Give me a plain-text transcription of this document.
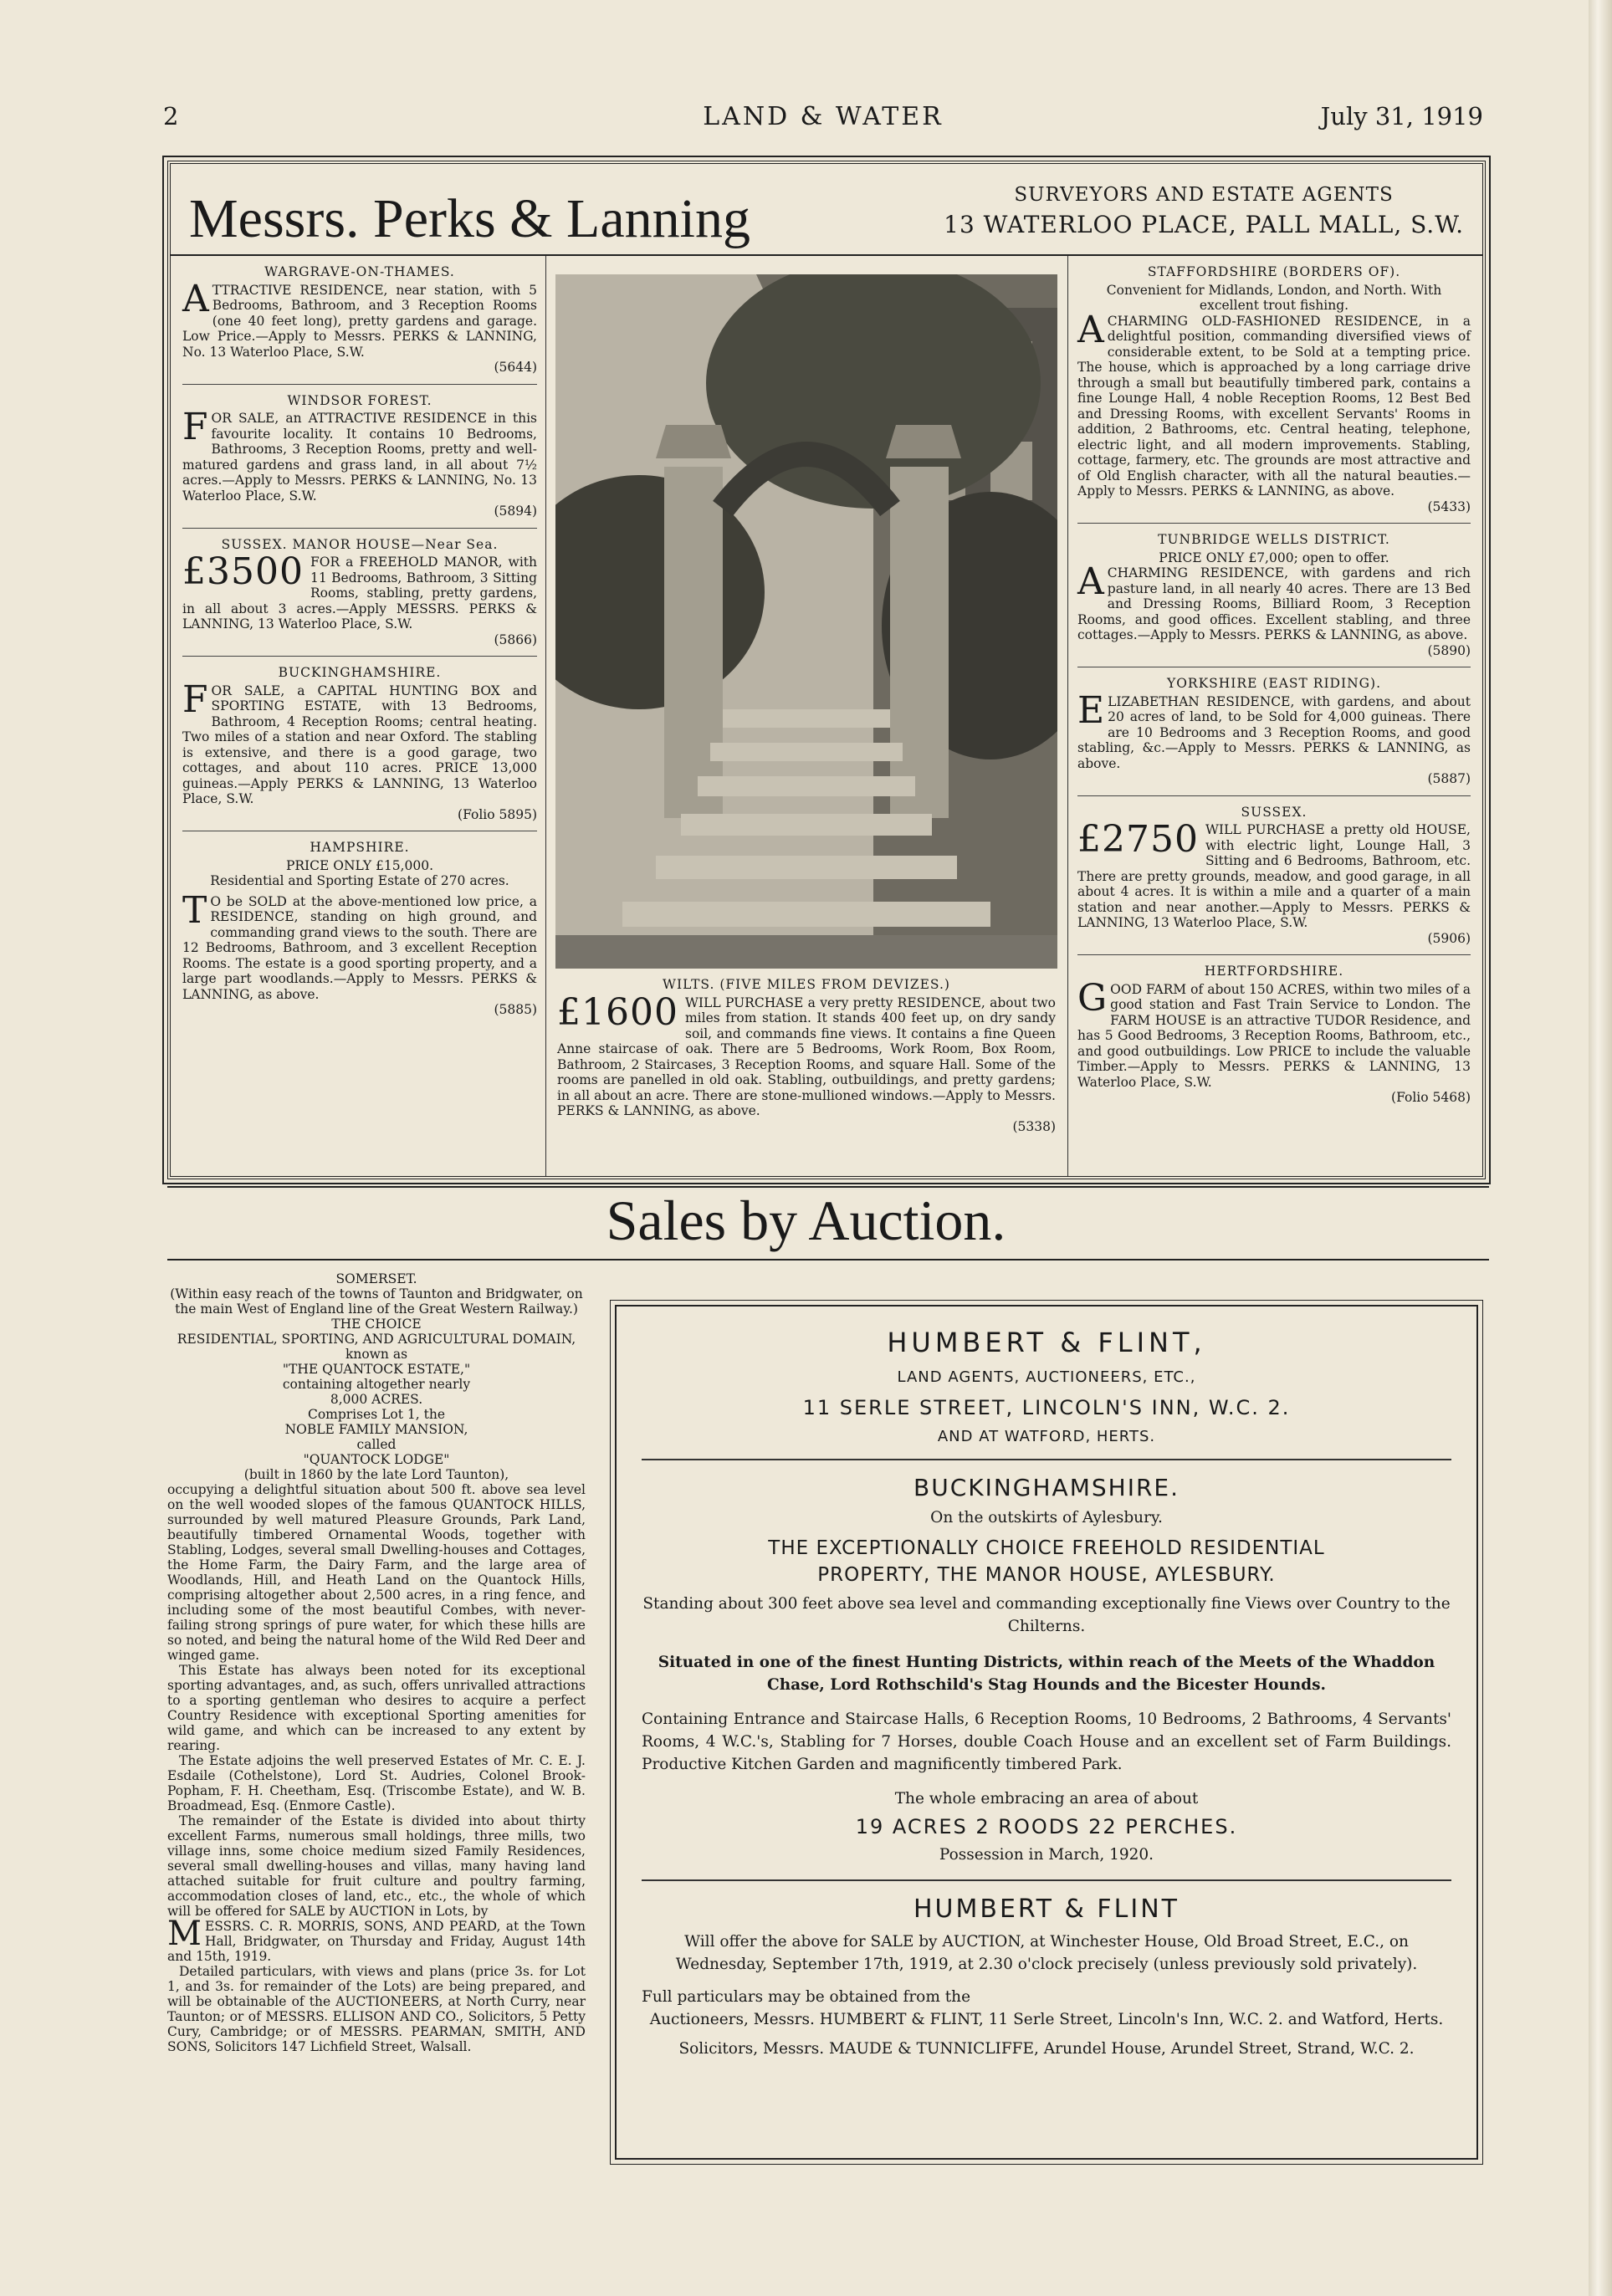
2	LAND & WATER	July 31, 1919
Messrs. Perks & Lanning	SURVEYORS AND ESTATE AGENTS
13 WATERLOO PLACE, PALL MALL, S.W.
WARGRAVE-ON-THAMES.

ATTRACTIVE RESIDENCE, near station, with 5 Bedrooms, Bathroom, and 3 Reception Rooms (one 40 feet long), pretty gardens and garage. Low Price.—Apply to Messrs. PERKS & LANNING, No. 13 Waterloo Place, S.W.

(5644)
WINDSOR FOREST.

FOR SALE, an ATTRACTIVE RESIDENCE in this favourite locality. It contains 10 Bedrooms, Bathrooms, 3 Reception Rooms, pretty and well-matured gardens and grass land, in all about 7½ acres.—Apply to Messrs. PERKS & LANNING, No. 13 Waterloo Place, S.W.

(5894)
SUSSEX. MANOR HOUSE—Near Sea.

£3500 FOR a FREEHOLD MANOR, with 11 Bedrooms, Bathroom, 3 Sitting Rooms, stabling, pretty gardens, in all about 3 acres.—Apply MESSRS. PERKS & LANNING, 13 Waterloo Place, S.W.

(5866)
BUCKINGHAMSHIRE.

FOR SALE, a CAPITAL HUNTING BOX and SPORTING ESTATE, with 13 Bedrooms, Bathroom, 4 Reception Rooms; central heating. Two miles of a station and near Oxford. The stabling is extensive, and there is a good garage, two cottages, and about 110 acres. PRICE 13,000 guineas.—Apply PERKS & LANNING, 13 Waterloo Place, S.W.

(Folio 5895)
HAMPSHIRE.
PRICE ONLY £15,000.
Residential and Sporting Estate of 270 acres.

T O be SOLD at the above-mentioned low price, a RESIDENCE, standing on high ground, and commanding grand views to the south. There are 12 Bedrooms, Bathroom, and 3 excellent Reception Rooms. The estate is a good sporting property, and a large part woodlands.—Apply to Messrs. PERKS & LANNING, as above.

(5885)
WILTS. (FIVE MILES FROM DEVIZES.)

£1600 WILL PURCHASE a very pretty RESIDENCE, about two miles from station. It stands 400 feet up, on dry sandy soil, and commands fine views. It contains a fine Queen Anne staircase of oak. There are 5 Bedrooms, Work Room, Box Room, Bathroom, 2 Staircases, 3 Reception Rooms, and square Hall. Some of the rooms are panelled in old oak. Stabling, outbuildings, and pretty gardens; in all about an acre. There are stone-mullioned windows.—Apply to Messrs. PERKS & LANNING, as above.

(5338)
STAFFORDSHIRE (BORDERS OF).
Convenient for Midlands, London, and North. With excellent trout fishing.

ACHARMING OLD-FASHIONED RESIDENCE, in a delightful position, commanding diversified views of considerable extent, to be Sold at a tempting price. The house, which is approached by a long carriage drive through a small but beautifully timbered park, contains a fine Lounge Hall, 4 noble Reception Rooms, 12 Best Bed and Dressing Rooms, with excellent Servants' Rooms in addition, 2 Bathrooms, etc. Central heating, telephone, electric light, and all modern improvements. Stabling, cottage, farmery, etc. The grounds are most attractive and of Old English character, with all the natural beauties.—Apply to Messrs. PERKS & LANNING, as above.

(5433)
TUNBRIDGE WELLS DISTRICT.
PRICE ONLY £7,000; open to offer.

ACHARMING RESIDENCE, with gardens and rich pasture land, in all nearly 40 acres. There are 13 Bed and Dressing Rooms, Billiard Room, 3 Reception Rooms, and good offices. Excellent stabling, and three cottages.—Apply to Messrs. PERKS & LANNING, as above.

(5890)
YORKSHIRE (EAST RIDING).

ELIZABETHAN RESIDENCE, with gardens, and about 20 acres of land, to be Sold for 4,000 guineas. There are 10 Bedrooms and 3 Reception Rooms, and good stabling, &c.—Apply to Messrs. PERKS & LANNING, as above.

(5887)
SUSSEX.

£2750 WILL PURCHASE a pretty old HOUSE, with electric light, Lounge Hall, 3 Sitting and 6 Bedrooms, Bathroom, etc. There are pretty grounds, meadow, and good garage, in all about 4 acres. It is within a mile and a quarter of a main station and near another.—Apply to Messrs. PERKS & LANNING, 13 Waterloo Place, S.W.

(5906)
HERTFORDSHIRE.

GOOD FARM of about 150 ACRES, within two miles of a good station and Fast Train Service to London. The FARM HOUSE is an attractive TUDOR Residence, and has 5 Good Bedrooms, 3 Reception Rooms, Bathroom, etc., and good outbuildings. Low PRICE to include the valuable Timber.—Apply to Messrs. PERKS & LANNING, 13 Waterloo Place, S.W.

(Folio 5468)
Sales by Auction.
SOMERSET.
(Within easy reach of the towns of Taunton and Bridgwater, on the main West of England line of the Great Western Railway.)
THE CHOICE
RESIDENTIAL, SPORTING, AND AGRICULTURAL DOMAIN,
known as
"THE QUANTOCK ESTATE,"
containing altogether nearly
8,000 ACRES.
Comprises Lot 1, the
NOBLE FAMILY MANSION,
called
"QUANTOCK LODGE"
(built in 1860 by the late Lord Taunton),

occupying a delightful situation about 500 ft. above sea level on the well wooded slopes of the famous QUANTOCK HILLS, surrounded by well matured Pleasure Grounds, Park Land, beautifully timbered Ornamental Woods, together with Stabling, Lodges, several small Dwelling-houses and Cottages, the Home Farm, the Dairy Farm, and the large area of Woodlands, Hill, and Heath Land on the Quantock Hills, comprising altogether about 2,500 acres, in a ring fence, and including some of the most beautiful Combes, with never-failing strong springs of pure water, for which these hills are so noted, and being the natural home of the Wild Red Deer and winged game.

This Estate has always been noted for its exceptional sporting advantages, and, as such, offers unrivalled attractions to a sporting gentleman who desires to acquire a perfect Country Residence with exceptional Sporting amenities for wild game, and which can be increased to any extent by rearing.

The Estate adjoins the well preserved Estates of Mr. C. E. J. Esdaile (Cothelstone), Lord St. Audries, Colonel Brook-Popham, F. H. Cheetham, Esq. (Triscombe Estate), and W. B. Broadmead, Esq. (Enmore Castle).

The remainder of the Estate is divided into about thirty excellent Farms, numerous small holdings, three mills, two village inns, some choice medium sized Family Residences, several small dwelling-houses and villas, many having land attached suitable for fruit culture and poultry farming, accommodation closes of land, etc., etc., the whole of which will be offered for SALE by AUCTION in Lots, by

MESSRS. C. R. MORRIS, SONS, AND PEARD, at the Town Hall, Bridgwater, on Thursday and Friday, August 14th and 15th, 1919.

Detailed particulars, with views and plans (price 3s. for Lot 1, and 3s. for remainder of the Lots) are being prepared, and will be obtainable of the AUCTIONEERS, at North Curry, near Taunton; or of MESSRS. ELLISON AND CO., Solicitors, 5 Petty Cury, Cambridge; or of MESSRS. PEARMAN, SMITH, AND SONS, Solicitors 147 Lichfield Street, Walsall.

HUMBERT & FLINT,
LAND AGENTS, AUCTIONEERS, ETC.,
11 SERLE STREET, LINCOLN'S INN, W.C. 2.
AND AT WATFORD, HERTS.
BUCKINGHAMSHIRE.
On the outskirts of Aylesbury.
THE EXCEPTIONALLY CHOICE FREEHOLD RESIDENTIAL
PROPERTY, THE MANOR HOUSE, AYLESBURY.
Standing about 300 feet above sea level and commanding exceptionally fine Views over Country to the Chilterns.
Situated in one of the finest Hunting Districts, within reach of the Meets of the Whaddon Chase, Lord Rothschild's Stag Hounds and the Bicester Hounds.
Containing Entrance and Staircase Halls, 6 Reception Rooms, 10 Bedrooms, 2 Bathrooms, 4 Servants' Rooms, 4 W.C.'s, Stabling for 7 Horses, double Coach House and an excellent set of Farm Buildings. Productive Kitchen Garden and magnificently timbered Park.
The whole embracing an area of about
19 ACRES 2 ROODS 22 PERCHES.
Possession in March, 1920.
HUMBERT & FLINT
Will offer the above for SALE by AUCTION, at Winchester House, Old Broad Street, E.C., on Wednesday, September 17th, 1919, at 2.30 o'clock precisely (unless previously sold privately).
Full particulars may be obtained from the
Auctioneers, Messrs. HUMBERT & FLINT, 11 Serle Street, Lincoln's Inn, W.C. 2. and Watford, Herts.
Solicitors, Messrs. MAUDE & TUNNICLIFFE, Arundel House, Arundel Street, Strand, W.C. 2.
